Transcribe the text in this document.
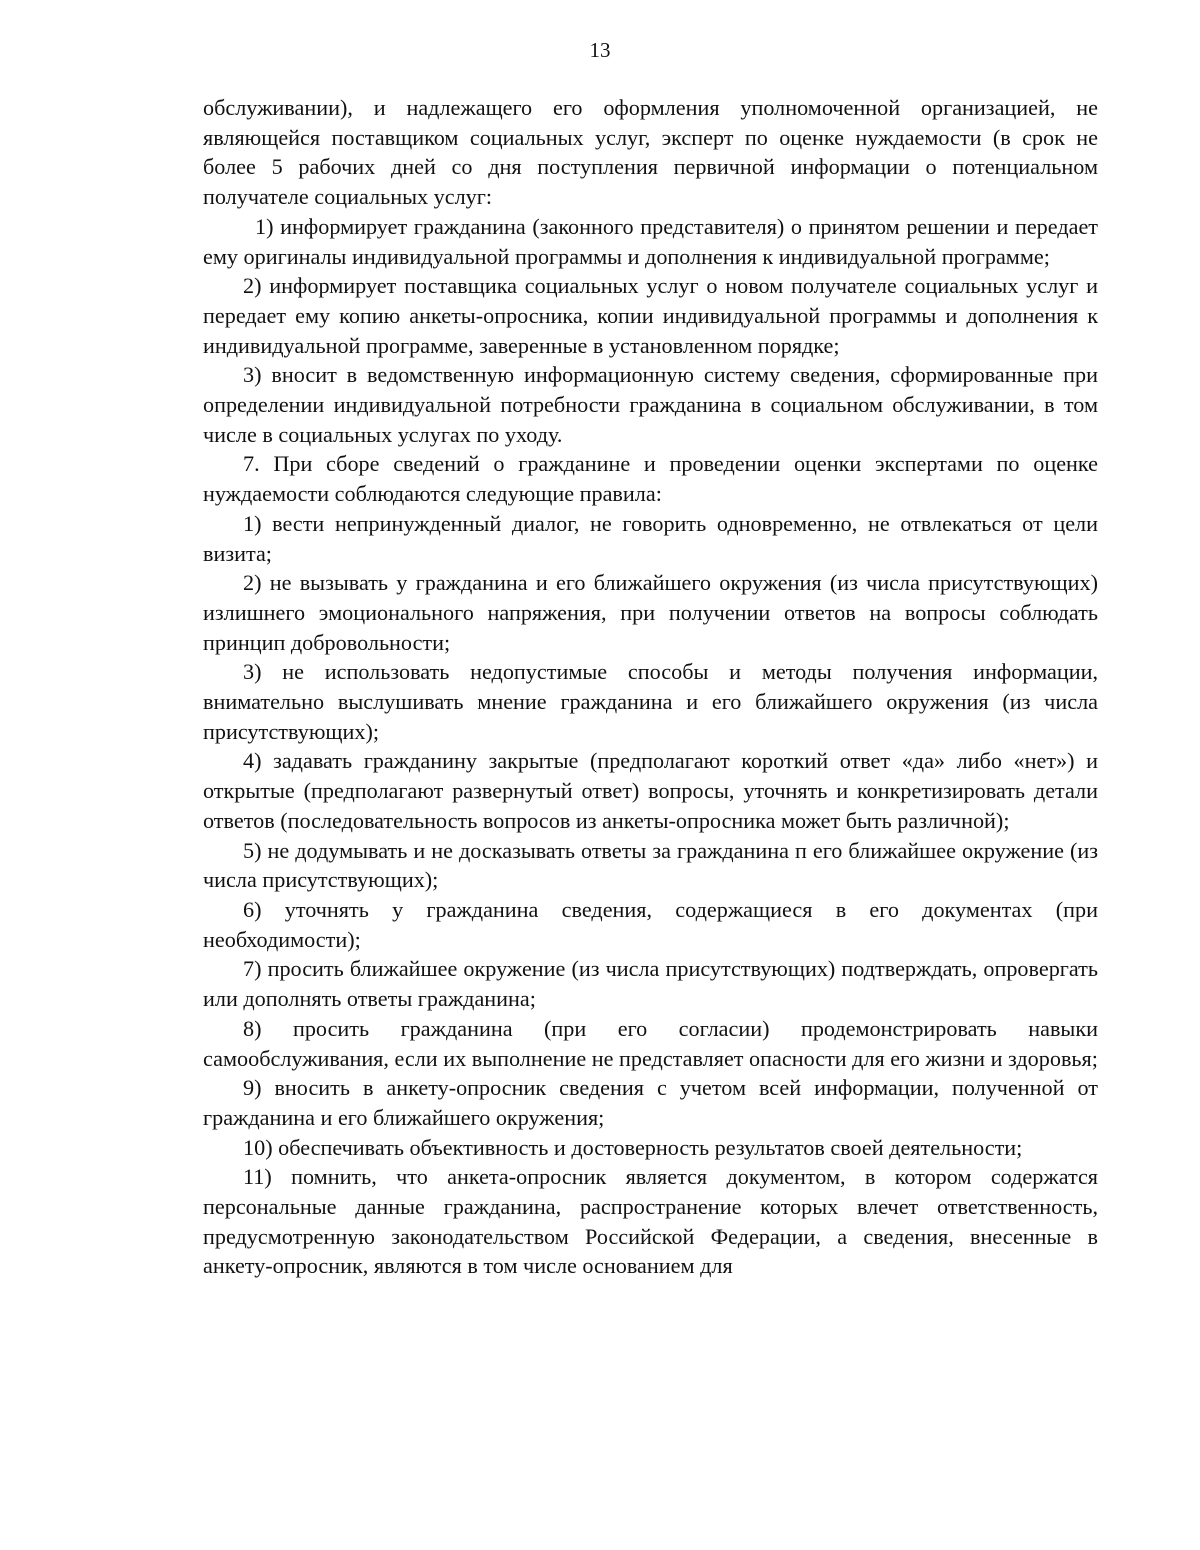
13

обслуживании), и надлежащего его оформления уполномоченной организацией, не являющейся поставщиком социальных услуг, эксперт по оценке нуждаемости (в срок не более 5 рабочих дней со дня поступления первичной информации о потенциальном получателе социальных услуг:

1) информирует гражданина (законного представителя) о принятом решении и передает ему оригиналы индивидуальной программы и дополнения к индивидуальной программе;

2) информирует поставщика социальных услуг о новом получателе социальных услуг и передает ему копию анкеты-опросника, копии индивидуальной программы и дополнения к индивидуальной программе, заверенные в установленном порядке;

3) вносит в ведомственную информационную систему сведения, сформированные при определении индивидуальной потребности гражданина в социальном обслуживании, в том числе в социальных услугах по уходу.

7. При сборе сведений о гражданине и проведении оценки экспертами по оценке нуждаемости соблюдаются следующие правила:

1) вести непринужденный диалог, не говорить одновременно, не отвлекаться от цели визита;

2) не вызывать у гражданина и его ближайшего окружения (из числа присутствующих) излишнего эмоционального напряжения, при получении ответов на вопросы соблюдать принцип добровольности;

3) не использовать недопустимые способы и методы получения информации, внимательно выслушивать мнение гражданина и его ближайшего окружения (из числа присутствующих);

4) задавать гражданину закрытые (предполагают короткий ответ «да» либо «нет») и открытые (предполагают развернутый ответ) вопросы, уточнять и конкретизировать детали ответов (последовательность вопросов из анкеты-опросника может быть различной);

5) не додумывать и не досказывать ответы за гражданина п его ближайшее окружение (из числа присутствующих);

6) уточнять у гражданина сведения, содержащиеся в его документах (при необходимости);

7) просить ближайшее окружение (из числа присутствующих) подтверждать, опровергать или дополнять ответы гражданина;

8) просить гражданина (при его согласии) продемонстрировать навыки самообслуживания, если их выполнение не представляет опасности для его жизни и здоровья;

9) вносить в анкету-опросник сведения с учетом всей информации, полученной от гражданина и его ближайшего окружения;

10) обеспечивать объективность и достоверность результатов своей деятельности;

11) помнить, что анкета-опросник является документом, в котором содержатся персональные данные гражданина, распространение которых влечет ответственность, предусмотренную законодательством Российской Федерации, а сведения, внесенные в анкету-опросник, являются в том числе основанием для
